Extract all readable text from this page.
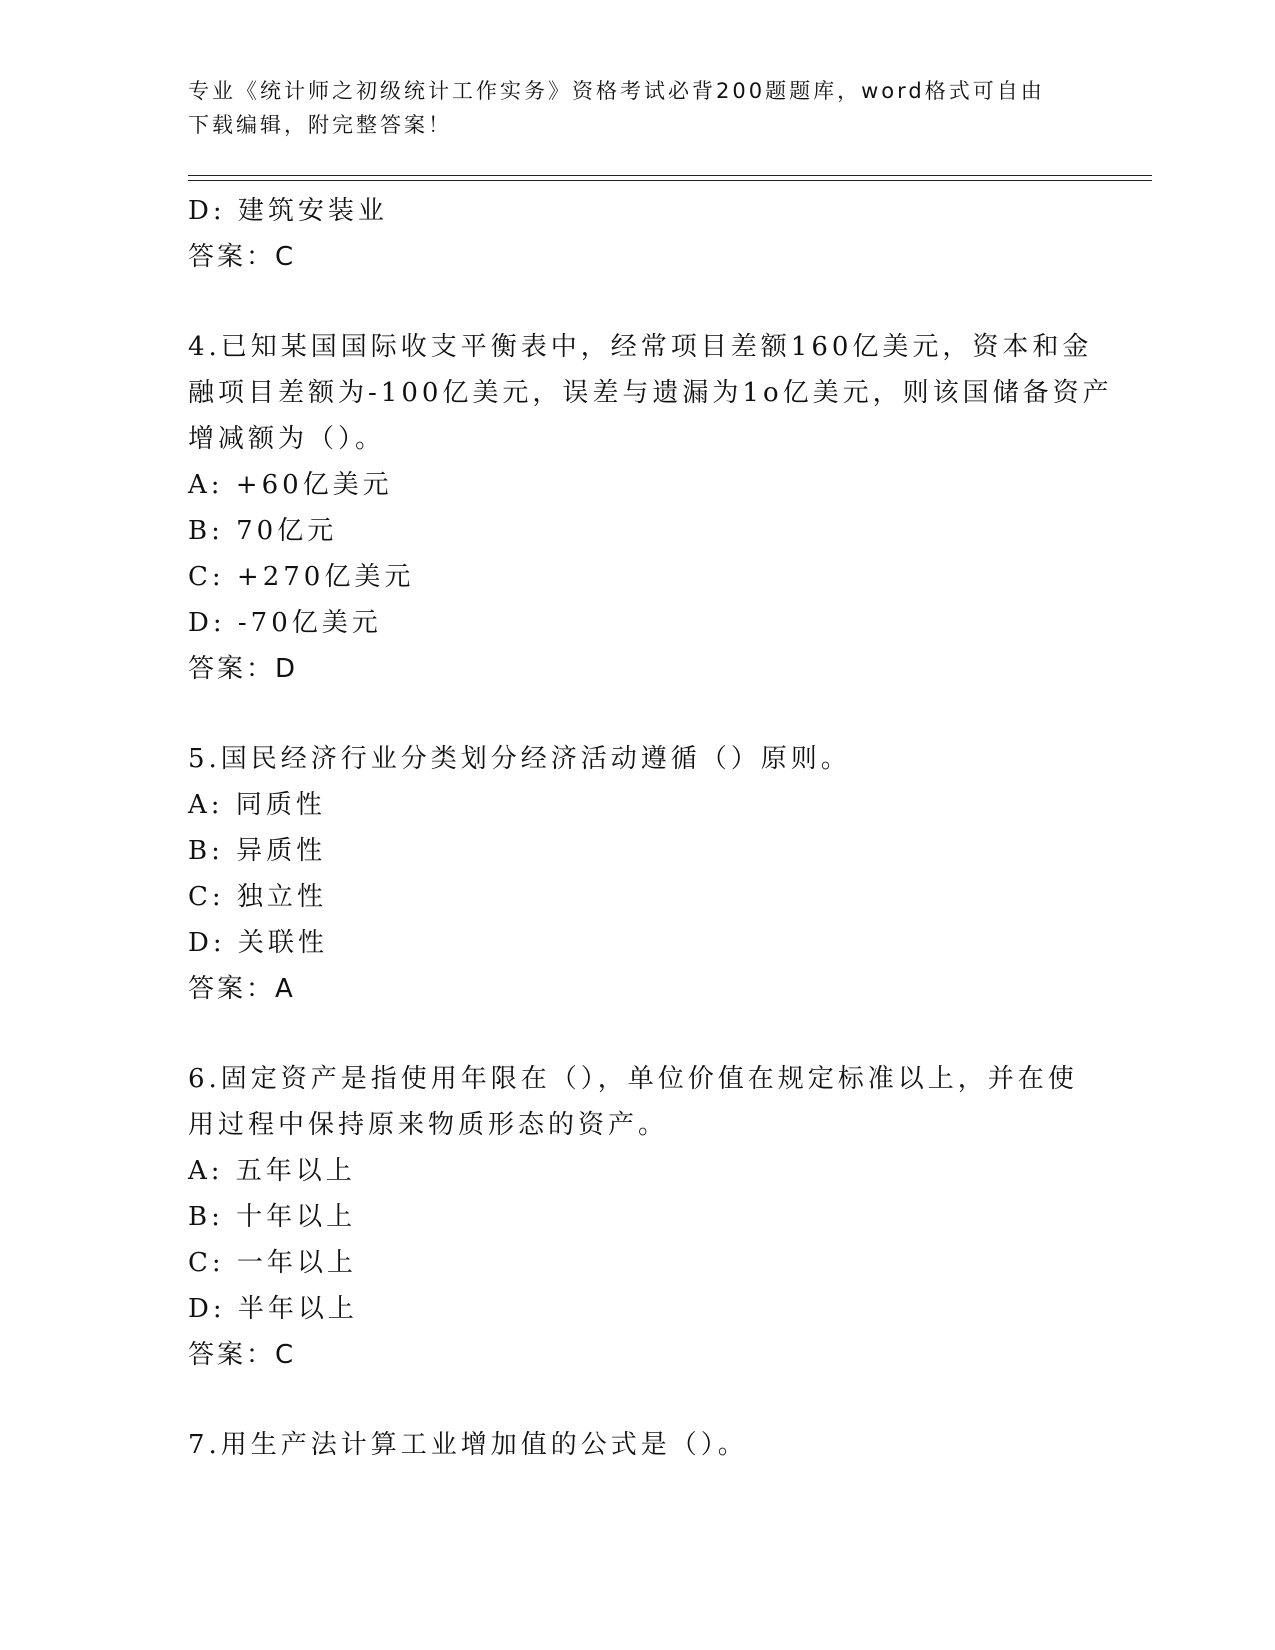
专业《统计师之初级统计工作实务》资格考试必背200题题库，word格式可自由
下载编辑，附完整答案！
D: 建筑安装业
答案：C
4.已知某国国际收支平衡表中，经常项目差额160亿美元，资本和金
融项目差额为-100亿美元，误差与遗漏为1o亿美元，则该国储备资产
增减额为（）。
A: +60亿美元
B: 70亿元
C: +270亿美元
D: -70亿美元
答案：D
5.国民经济行业分类划分经济活动遵循（）原则。
A: 同质性
B: 异质性
C: 独立性
D: 关联性
答案：A
6.固定资产是指使用年限在（），单位价值在规定标准以上，并在使
用过程中保持原来物质形态的资产。
A: 五年以上
B: 十年以上
C: 一年以上
D: 半年以上
答案：C
7.用生产法计算工业增加值的公式是（）。
